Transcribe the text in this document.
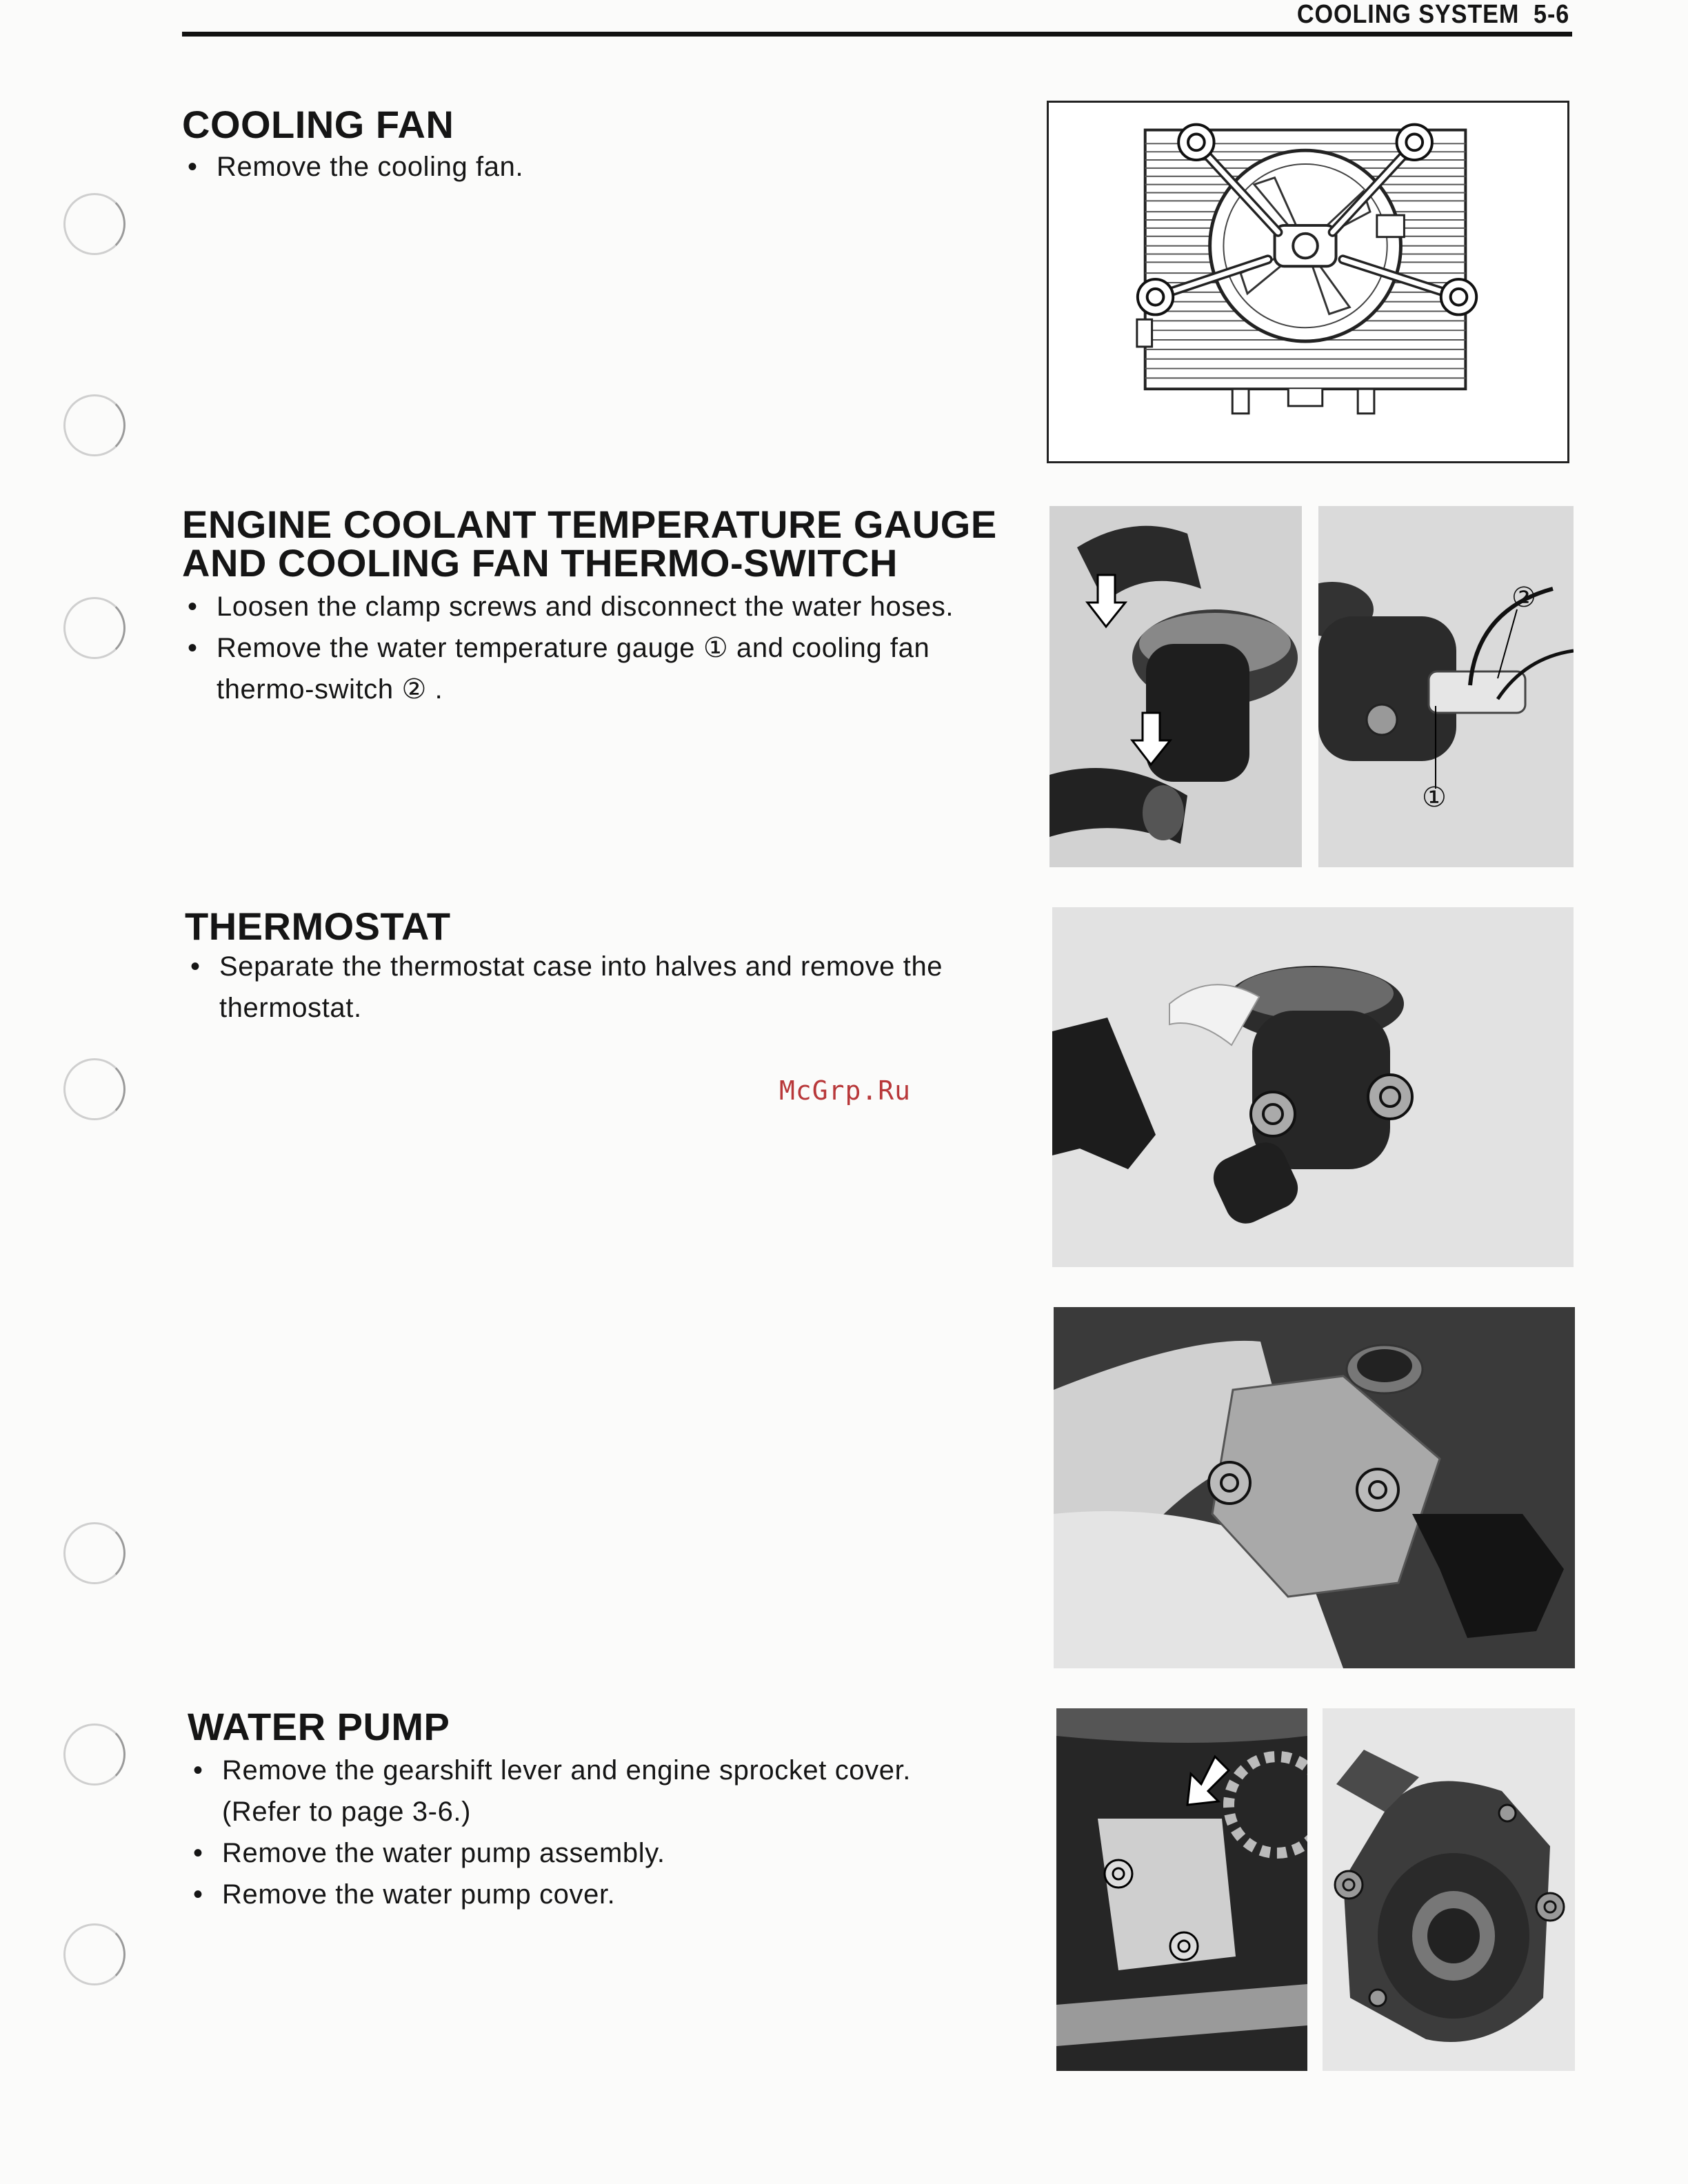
COOLING SYSTEM 5-6
COOLING FAN
• Remove the cooling fan.
ENGINE COOLANT TEMPERATURE GAUGE
AND COOLING FAN THERMO-SWITCH
• Loosen the clamp screws and disconnect the water hoses.
• Remove the water temperature gauge ① and cooling fan
thermo-switch ② .
THERMOSTAT
• Separate the thermostat case into halves and remove the
thermostat.
WATER PUMP
• Remove the gearshift lever and engine sprocket cover.
(Refer to page 3-6.)
• Remove the water pump assembly.
• Remove the water pump cover.
McGrp.Ru
②
①
